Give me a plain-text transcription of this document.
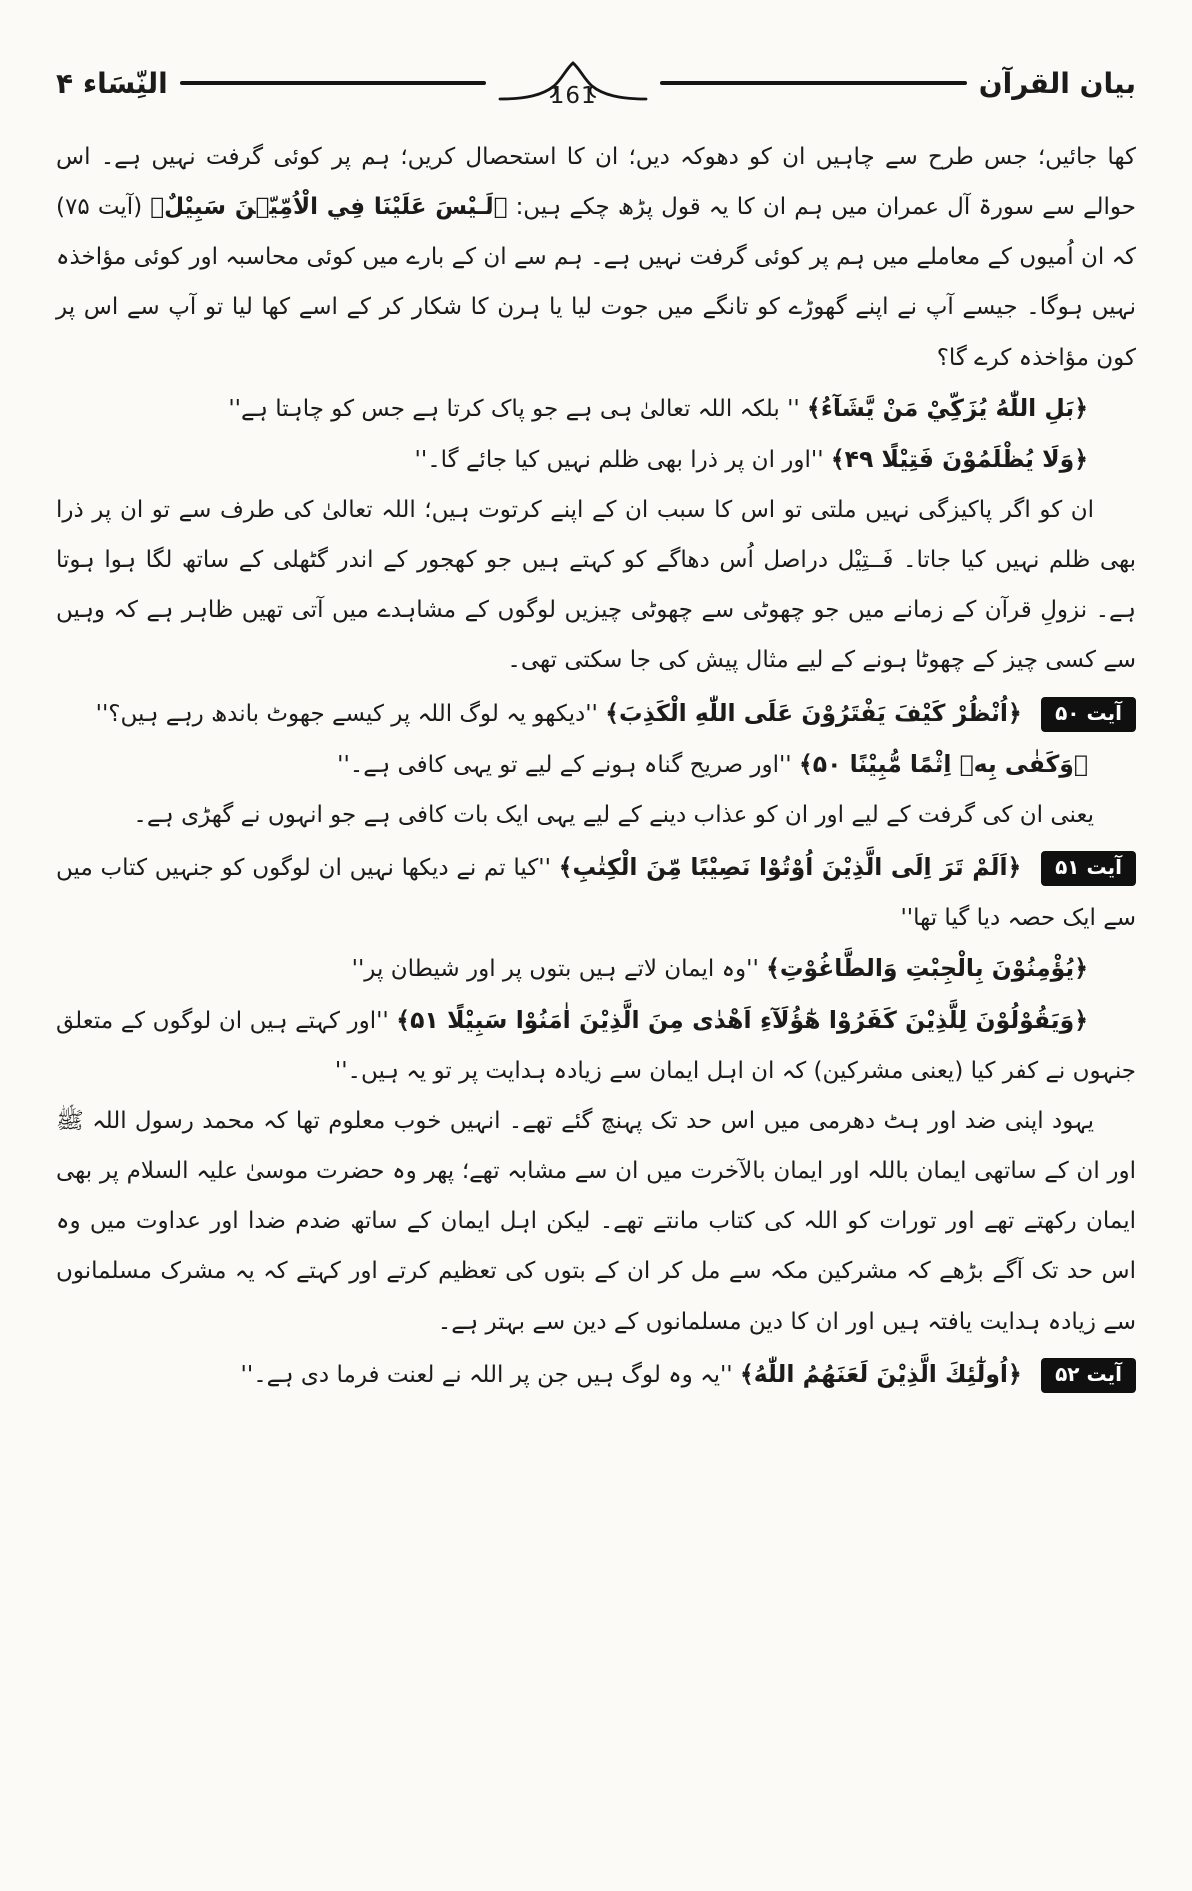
بیان القرآن
161
النِّسَاء ۴

کھا جائیں؛ جس طرح سے چاہیں ان کو دھوکہ دیں؛ ان کا استحصال کریں؛ ہم پر کوئی گرفت نہیں ہے۔ اس حوالے سے سورۃ آل عمران میں ہم ان کا یہ قول پڑھ چکے ہیں: ﴿لَـيْسَ عَلَيْنَا فِي الْاُمِّيّٖنَ سَبِيْلٌ﴾ (آیت ۷۵) کہ ان اُمیوں کے معاملے میں ہم پر کوئی گرفت نہیں ہے۔ ہم سے ان کے بارے میں کوئی محاسبہ اور کوئی مؤاخذہ نہیں ہوگا۔ جیسے آپ نے اپنے گھوڑے کو تانگے میں جوت لیا یا ہرن کا شکار کر کے اسے کھا لیا تو آپ سے اس پر کون مؤاخذہ کرے گا؟

﴿بَلِ اللّٰهُ يُزَكِّيْ مَنْ يَّشَآءُ﴾ '' بلکہ اللہ تعالیٰ ہی ہے جو پاک کرتا ہے جس کو چاہتا ہے''

﴿وَلَا يُظْلَمُوْنَ فَتِيْلًا ۴۹﴾ ''اور ان پر ذرا بھی ظلم نہیں کیا جائے گا۔''

ان کو اگر پاکیزگی نہیں ملتی تو اس کا سبب ان کے اپنے کرتوت ہیں؛ اللہ تعالیٰ کی طرف سے تو ان پر ذرا بھی ظلم نہیں کیا جاتا۔ فَــتِيْل دراصل اُس دھاگے کو کہتے ہیں جو کھجور کے اندر گٹھلی کے ساتھ لگا ہوا ہوتا ہے۔ نزولِ قرآن کے زمانے میں جو چھوٹی سے چھوٹی چیزیں لوگوں کے مشاہدے میں آتی تھیں ظاہر ہے کہ وہیں سے کسی چیز کے چھوٹا ہونے کے لیے مثال پیش کی جا سکتی تھی۔

آیت ۵۰ ﴿اُنْظُرْ كَيْفَ يَفْتَرُوْنَ عَلَى اللّٰهِ الْكَذِبَ﴾ ''دیکھو یہ لوگ اللہ پر کیسے جھوٹ باندھ رہے ہیں؟''

﴿وَكَفٰى بِهٖ اِثْمًا مُّبِيْنًا ۵۰﴾ ''اور صریح گناہ ہونے کے لیے تو یہی کافی ہے۔''

یعنی ان کی گرفت کے لیے اور ان کو عذاب دینے کے لیے یہی ایک بات کافی ہے جو انہوں نے گھڑی ہے۔

آیت ۵۱ ﴿اَلَمْ تَرَ اِلَى الَّذِيْنَ اُوْتُوْا نَصِيْبًا مِّنَ الْكِتٰبِ﴾ ''کیا تم نے دیکھا نہیں ان لوگوں کو جنہیں کتاب میں سے ایک حصہ دیا گیا تھا''

﴿يُؤْمِنُوْنَ بِالْجِبْتِ وَالطَّاغُوْتِ﴾ ''وہ ایمان لاتے ہیں بتوں پر اور شیطان پر''

﴿وَيَقُوْلُوْنَ لِلَّذِيْنَ كَفَرُوْا هٰٓؤُلَآءِ اَهْدٰى مِنَ الَّذِيْنَ اٰمَنُوْا سَبِيْلًا ۵۱﴾ ''اور کہتے ہیں ان لوگوں کے متعلق جنہوں نے کفر کیا (یعنی مشرکین) کہ ان اہل ایمان سے زیادہ ہدایت پر تو یہ ہیں۔''

یہود اپنی ضد اور ہٹ دھرمی میں اس حد تک پہنچ گئے تھے۔ انہیں خوب معلوم تھا کہ محمد رسول اللہ ﷺ اور ان کے ساتھی ایمان باللہ اور ایمان بالآخرت میں ان سے مشابہ تھے؛ پھر وہ حضرت موسیٰ علیہ السلام پر بھی ایمان رکھتے تھے اور تورات کو اللہ کی کتاب مانتے تھے۔ لیکن اہل ایمان کے ساتھ ضدم ضدا اور عداوت میں وہ اس حد تک آگے بڑھے کہ مشرکین مکہ سے مل کر ان کے بتوں کی تعظیم کرتے اور کہتے کہ یہ مشرک مسلمانوں سے زیادہ ہدایت یافتہ ہیں اور ان کا دین مسلمانوں کے دین سے بہتر ہے۔

آیت ۵۲ ﴿اُولٰٓئِكَ الَّذِيْنَ لَعَنَهُمُ اللّٰهُ﴾ ''یہ وہ لوگ ہیں جن پر اللہ نے لعنت فرما دی ہے۔''
